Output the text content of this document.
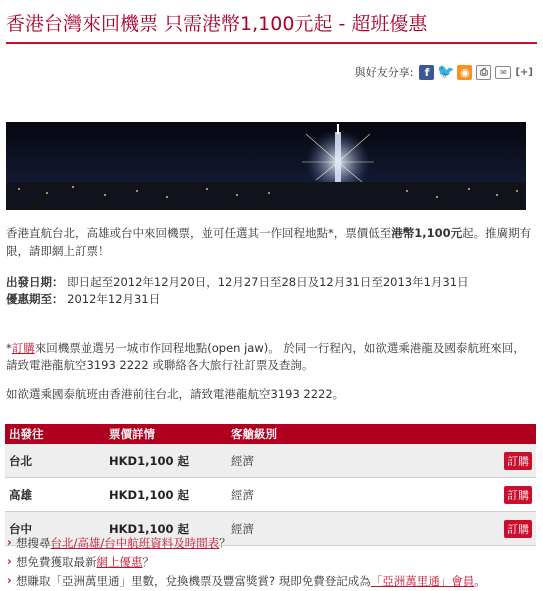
香港台灣來回機票 只需港幣1,100元起 - 超班優惠
與好友分享:	f 🐦 ◉	⎙	✉ [+]
香港直航台北，高雄或台中來回機票，並可任選其一作回程地點*，票價低至港幣1,100元起。推廣期有限，請即網上訂票！
出發日期： 即日起至2012年12月20日，12月27日至28日及12月31日至2013年1月31日
優惠期至： 2012年12月31日
*訂購來回機票並選另一城市作回程地點(open jaw)。 於同一行程內，如欲選乘港龍及國泰航班來回，請致電港龍航空3193 2222 或聯絡各大旅行社訂票及查詢。
如欲選乘國泰航班由香港前往台北，請致電港龍航空3193 2222。
出發往	票價詳情	客艙級別	
台北	HKD1,100 起	經濟	訂購
高雄	HKD1,100 起	經濟	訂購
台中	HKD1,100 起	經濟	訂購
› 想搜尋台北/高雄/台中航班資料及時間表？
› 想免費獲取最新網上優惠？
› 想賺取「亞洲萬里通」里數，兌換機票及豐富獎賞? 現即免費登記成為「亞洲萬里通」會員。
